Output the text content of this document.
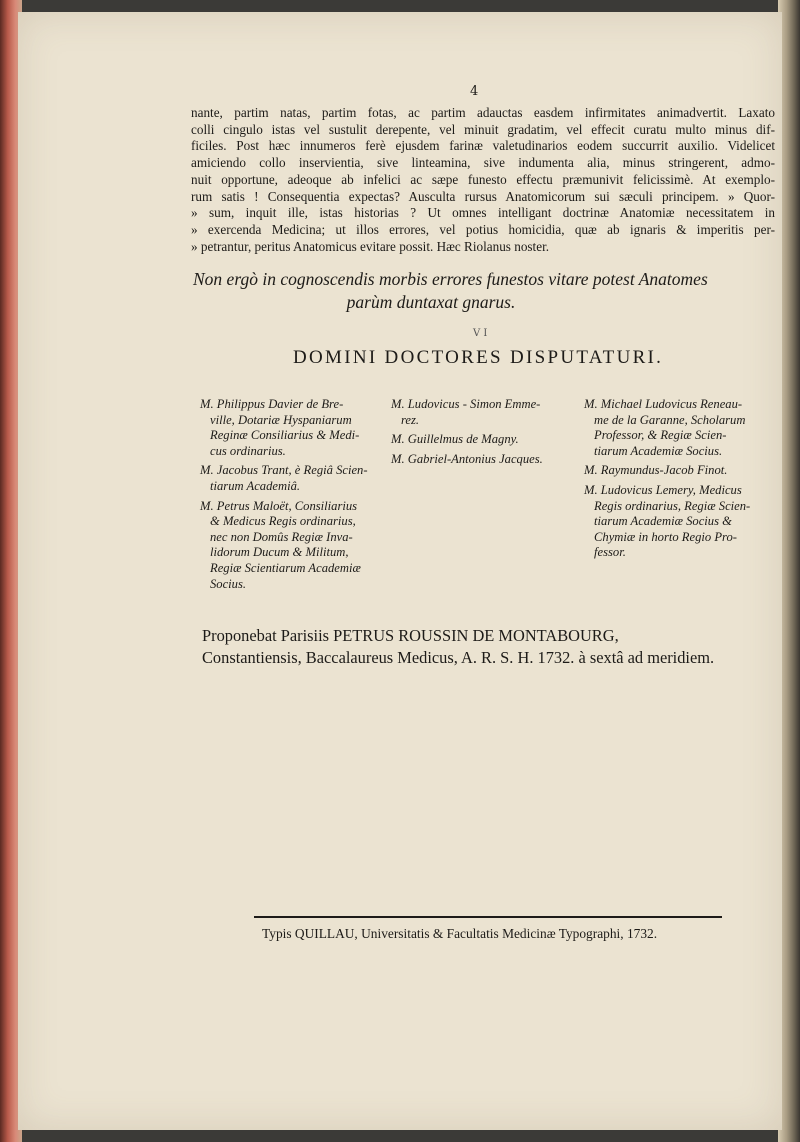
4
nante, partim natas, partim fotas, ac partim adauctas easdem infirmitates animadvertit. Laxato
colli cingulo istas vel sustulit derepente, vel minuit gradatim, vel effecit curatu multo minus dif-
ficiles. Post hæc innumeros ferè ejusdem farinæ valetudinarios eodem succurrit auxilio. Videlicet
amiciendo collo inservientia, sive linteamina, sive indumenta alia, minus stringerent, admo-
nuit opportune, adeoque ab infelici ac sæpe funesto effectu præmunivit felicissimè. At exemplo-
rum satis ! Consequentia expectas? Ausculta rursus Anatomicorum sui sæculi principem. » Quor-
» sum, inquit ille, istas historias ? Ut omnes intelligant doctrinæ Anatomiæ necessitatem in
» exercenda Medicina; ut illos errores, vel potius homicidia, quæ ab ignaris & imperitis per-
» petrantur, peritus Anatomicus evitare possit. Hæc Riolanus noster.
Non ergò in cognoscendis morbis errores funestos vitare potest Anatomes
parùm duntaxat gnarus.
V I
DOMINI DOCTORES DISPUTATURI.
M. Philippus Davier de Bre-
ville, Dotariæ Hyspaniarum
Reginæ Consiliarius & Medi-
cus ordinarius.
M. Jacobus Trant, è Regiâ Scien-
tiarum Academiâ.
M. Petrus Maloët, Consiliarius
& Medicus Regis ordinarius,
nec non Domûs Regiæ Inva-
lidorum Ducum & Militum,
Regiæ Scientiarum Academiæ
Socius.
M. Ludovicus - Simon Emme-
rez.
M. Guillelmus de Magny.
M. Gabriel-Antonius Jacques.
M. Michael Ludovicus Reneau-
me de la Garanne, Scholarum
Professor, & Regiæ Scien-
tiarum Academiæ Socius.
M. Raymundus-Jacob Finot.
M. Ludovicus Lemery, Medicus
Regis ordinarius, Regiæ Scien-
tiarum Academiæ Socius &
Chymiæ in horto Regio Pro-
fessor.
Proponebat Parisiis PETRUS ROUSSIN DE MONTABOURG,
Constantiensis, Baccalaureus Medicus, A. R. S. H. 1732. à sextâ ad meridiem.
Typis QUILLAU, Universitatis & Facultatis Medicinæ Typographi, 1732.
